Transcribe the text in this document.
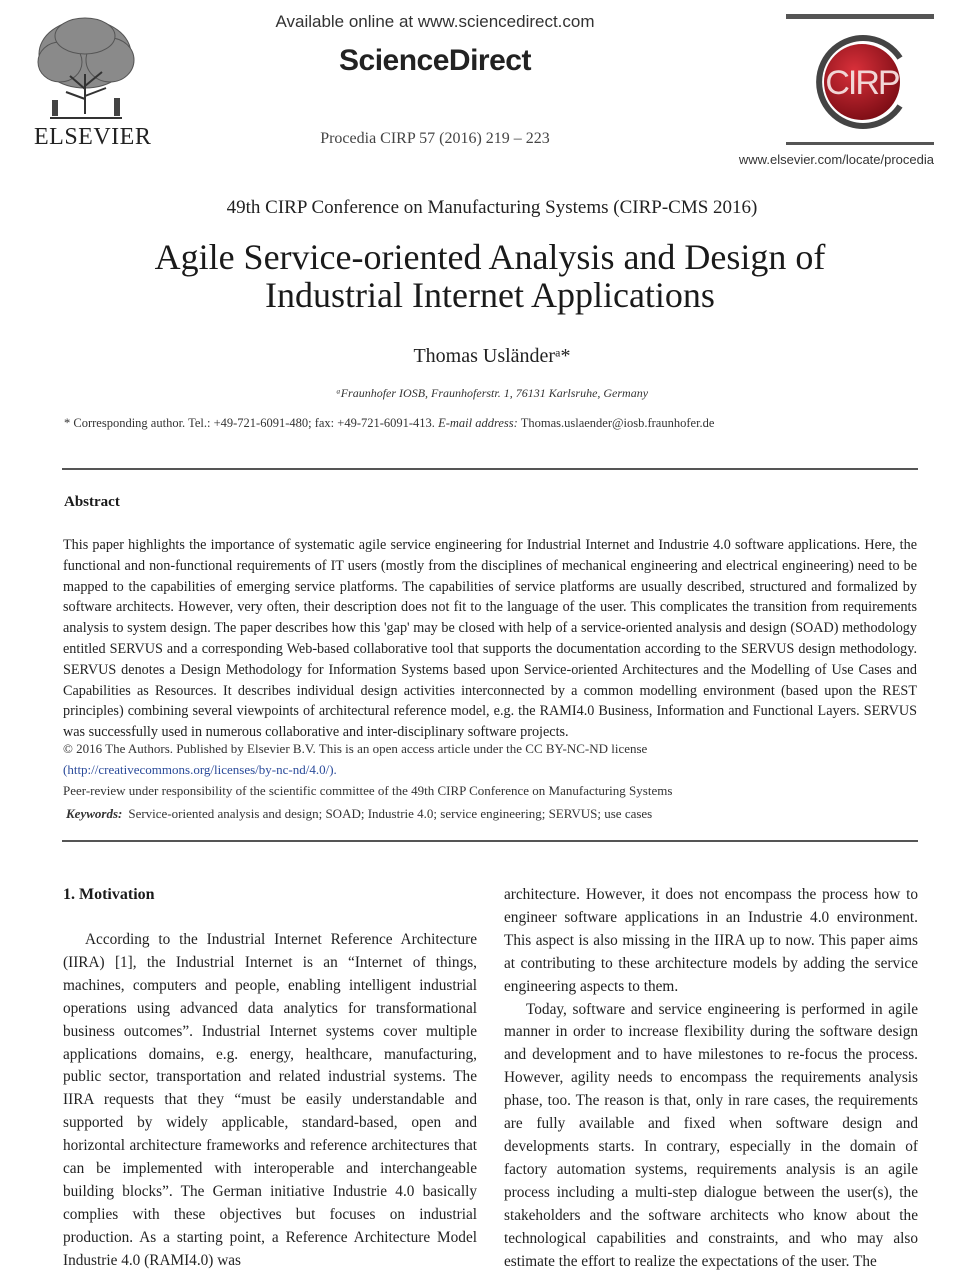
ELSEVIER
Available online at www.sciencedirect.com
ScienceDirect
Procedia CIRP 57 (2016) 219 – 223
CIRP
www.elsevier.com/locate/procedia
49th CIRP Conference on Manufacturing Systems (CIRP-CMS 2016)
Agile Service-oriented Analysis and Design of
Industrial Internet Applications
Thomas Usländerᵃ*
ᵃFraunhofer IOSB, Fraunhoferstr. 1, 76131 Karlsruhe, Germany
* Corresponding author. Tel.: +49-721-6091-480; fax: +49-721-6091-413. E-mail address: Thomas.uslaender@iosb.fraunhofer.de
Abstract
This paper highlights the importance of systematic agile service engineering for Industrial Internet and Industrie 4.0 software applications. Here, the functional and non-functional requirements of IT users (mostly from the disciplines of mechanical engineering and electrical engineering) need to be mapped to the capabilities of emerging service platforms. The capabilities of service platforms are usually described, structured and formalized by software architects. However, very often, their description does not fit to the language of the user. This complicates the transition from requirements analysis to system design. The paper describes how this 'gap' may be closed with help of a service-oriented analysis and design (SOAD) methodology entitled SERVUS and a corresponding Web-based collaborative tool that supports the documentation according to the SERVUS design methodology. SERVUS denotes a Design Methodology for Information Systems based upon Service-oriented Architectures and the Modelling of Use Cases and Capabilities as Resources. It describes individual design activities interconnected by a common modelling environment (based upon the REST principles) combining several viewpoints of architectural reference model, e.g. the RAMI4.0 Business, Information and Functional Layers. SERVUS was successfully used in numerous collaborative and inter-disciplinary software projects.
© 2016 The Authors. Published by Elsevier B.V. This is an open access article under the CC BY-NC-ND license
(http://creativecommons.org/licenses/by-nc-nd/4.0/).
Peer-review under responsibility of the scientific committee of the 49th CIRP Conference on Manufacturing Systems
Keywords: Service-oriented analysis and design; SOAD; Industrie 4.0; service engineering; SERVUS; use cases
1. Motivation

According to the Industrial Internet Reference Architecture (IIRA) [1], the Industrial Internet is an “Internet of things, machines, computers and people, enabling intelligent industrial operations using advanced data analytics for transformational business outcomes”. Industrial Internet systems cover multiple applications domains, e.g. energy, healthcare, manufacturing, public sector, transportation and related industrial systems. The IIRA requests that they “must be easily understandable and supported by widely applicable, standard-based, open and horizontal architecture frameworks and reference architectures that can be implemented with interoperable and interchangeable building blocks”. The German initiative Industrie 4.0 basically complies with these objectives but focuses on industrial production. As a starting point, a Reference Architecture Model Industrie 4.0 (RAMI4.0) was

architecture. However, it does not encompass the process how to engineer software applications in an Industrie 4.0 environment. This aspect is also missing in the IIRA up to now. This paper aims at contributing to these architecture models by adding the service engineering aspects to them.

Today, software and service engineering is performed in agile manner in order to increase flexibility during the software design and development and to have milestones to re-focus the process. However, agility needs to encompass the requirements analysis phase, too. The reason is that, only in rare cases, the requirements are fully available and fixed when software design and developments starts. In contrary, especially in the domain of factory automation systems, requirements analysis is an agile process including a multi-step dialogue between the user(s), the stakeholders and the software architects who know about the technological capabilities and constraints, and who may also estimate the effort to realize the expectations of the user. The
